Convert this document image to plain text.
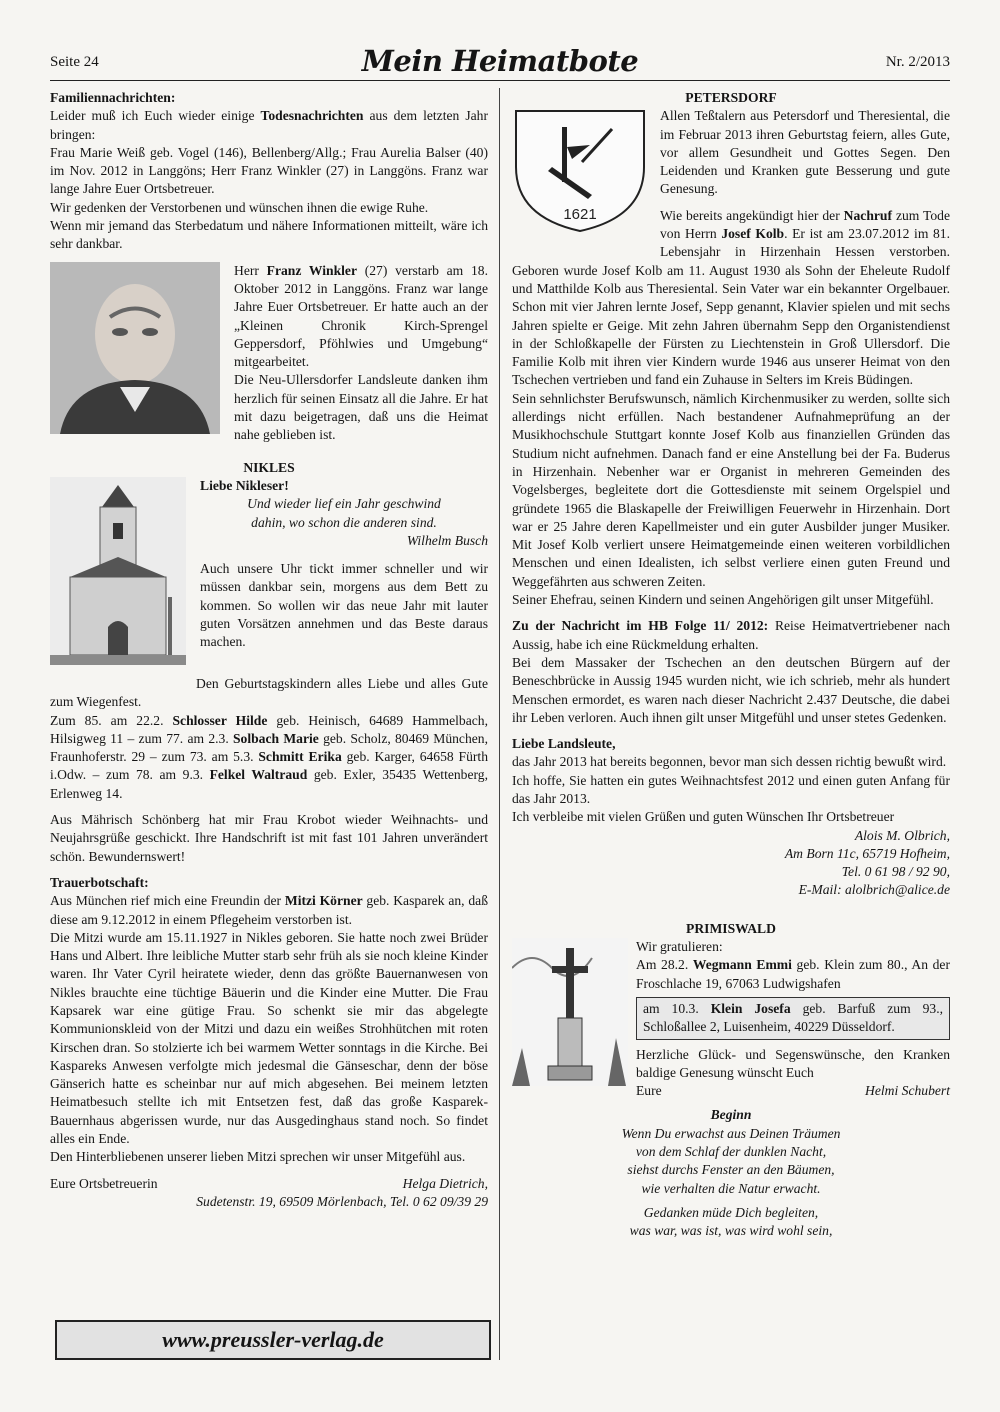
Seite 24	Mein Heimatbote	Nr. 2/2013

Familiennachrichten:

Leider muß ich Euch wieder einige Todesnachrichten aus dem letzten Jahr bringen:

Frau Marie Weiß geb. Vogel (146), Bellenberg/Allg.; Frau Aurelia Balser (40) im Nov. 2012 in Langgöns; Herr Franz Winkler (27) in Langgöns. Franz war lange Jahre Euer Ortsbetreuer.

Wir gedenken der Verstorbenen und wünschen ihnen die ewige Ruhe.

Wenn mir jemand das Sterbedatum und nähere Informationen mitteilt, wäre ich sehr dankbar.

Herr Franz Winkler (27) verstarb am 18. Oktober 2012 in Langgöns. Franz war lange Jahre Euer Ortsbetreuer. Er hatte auch an der „Kleinen Chronik Kirch-Sprengel Geppersdorf, Pföhlwies und Umgebung“ mitgearbeitet.

Die Neu-Ullersdorfer Landsleute danken ihm herzlich für seinen Einsatz all die Jahre. Er hat mit dazu beigetragen, daß uns die Heimat nahe geblieben ist.

NIKLES

Liebe Nikleser!

Und wieder lief ein Jahr geschwind

dahin, wo schon die anderen sind.

Wilhelm Busch

Auch unsere Uhr tickt immer schneller und wir müssen dankbar sein, morgens aus dem Bett zu kommen. So wollen wir das neue Jahr mit lauter guten Vorsätzen annehmen und das Beste daraus machen.

Den Geburtstagskindern alles Liebe und alles Gute zum Wiegenfest.

Zum 85. am 22.2. Schlosser Hilde geb. Heinisch, 64689 Hammelbach, Hilsigweg 11 – zum 77. am 2.3. Solbach Marie geb. Scholz, 80469 München, Fraunhoferstr. 29 – zum 73. am 5.3. Schmitt Erika geb. Karger, 64658 Fürth i.Odw. – zum 78. am 9.3. Felkel Waltraud geb. Exler, 35435 Wettenberg, Erlenweg 14.

Aus Mährisch Schönberg hat mir Frau Krobot wieder Weihnachts- und Neujahrsgrüße geschickt. Ihre Handschrift ist mit fast 101 Jahren unverändert schön. Bewundernswert!

Trauerbotschaft:

Aus München rief mich eine Freundin der Mitzi Körner geb. Kasparek an, daß diese am 9.12.2012 in einem Pflegeheim verstorben ist.

Die Mitzi wurde am 15.11.1927 in Nikles geboren. Sie hatte noch zwei Brüder Hans und Albert. Ihre leibliche Mutter starb sehr früh als sie noch kleine Kinder waren. Ihr Vater Cyril heiratete wieder, denn das größte Bauernanwesen von Nikles brauchte eine tüchtige Bäuerin und die Kinder eine Mutter. Die Frau Kapsarek war eine gütige Frau. So schenkt sie mir das abgelegte Kommunionskleid von der Mitzi und dazu ein weißes Strohhütchen mit roten Kirschen dran. So stolzierte ich bei warmem Wetter sonntags in die Kirche. Bei Kaspareks Anwesen verfolgte mich jedesmal die Gänseschar, denn der böse Gänserich hatte es scheinbar nur auf mich abgesehen. Bei meinem letzten Heimatbesuch stellte ich mit Entsetzen fest, daß das große Kasparek-Bauernhaus abgerissen wurde, nur das Ausgedinghaus stand noch. So findet alles ein Ende.

Den Hinterbliebenen unserer lieben Mitzi sprechen wir unser Mitgefühl aus.

Eure Ortsbetreuerin	Helga Dietrich,

Sudetenstr. 19, 69509 Mörlenbach, Tel. 0 62 09/39 29

www.preussler-verlag.de

PETERSDORF

1621

Allen Teßtalern aus Petersdorf und Theresiental, die im Februar 2013 ihren Geburtstag feiern, alles Gute, vor allem Gesundheit und Gottes Segen. Den Leidenden und Kranken gute Besserung und gute Genesung.

Wie bereits angekündigt hier der Nachruf zum Tode von Herrn Josef Kolb. Er ist am 23.07.2012 im 81. Lebensjahr in Hirzenhain Hessen verstorben. Geboren wurde Josef Kolb am 11. August 1930 als Sohn der Eheleute Rudolf und Matthilde Kolb aus Theresiental. Sein Vater war ein bekannter Orgelbauer. Schon mit vier Jahren lernte Josef, Sepp genannt, Klavier spielen und mit sechs Jahren spielte er Geige. Mit zehn Jahren übernahm Sepp den Organistendienst in der Schloßkapelle der Fürsten zu Liechtenstein in Groß Ullersdorf. Die Familie Kolb mit ihren vier Kindern wurde 1946 aus unserer Heimat von den Tschechen vertrieben und fand ein Zuhause in Selters im Kreis Büdingen.

Sein sehnlichster Berufswunsch, nämlich Kirchenmusiker zu werden, sollte sich allerdings nicht erfüllen. Nach bestandener Aufnahmeprüfung an der Musikhochschule Stuttgart konnte Josef Kolb aus finanziellen Gründen das Studium nicht aufnehmen. Danach fand er eine Anstellung bei der Fa. Buderus in Hirzenhain. Nebenher war er Organist in mehreren Gemeinden des Vogelsberges, begleitete dort die Gottesdienste mit seinem Orgelspiel und gründete 1965 die Blaskapelle der Freiwilligen Feuerwehr in Hirzenhain. Dort war er 25 Jahre deren Kapellmeister und ein guter Ausbilder junger Musiker. Mit Josef Kolb verliert unsere Heimatgemeinde einen weiteren vorbildlichen Menschen und einen Idealisten, ich selbst verliere einen guten Freund und Weggefährten aus schweren Zeiten.

Seiner Ehefrau, seinen Kindern und seinen Angehörigen gilt unser Mitgefühl.

Zu der Nachricht im HB Folge 11/ 2012: Reise Heimatvertriebener nach Aussig, habe ich eine Rückmeldung erhalten.

Bei dem Massaker der Tschechen an den deutschen Bürgern auf der Beneschbrücke in Aussig 1945 wurden nicht, wie ich schrieb, mehr als hundert Menschen ermordet, es waren nach dieser Nachricht 2.437 Deutsche, die dabei ihr Leben verloren. Auch ihnen gilt unser Mitgefühl und unser stetes Gedenken.

Liebe Landsleute,

das Jahr 2013 hat bereits begonnen, bevor man sich dessen richtig bewußt wird.

Ich hoffe, Sie hatten ein gutes Weihnachtsfest 2012 und einen guten Anfang für das Jahr 2013.

Ich verbleibe mit vielen Grüßen und guten Wünschen Ihr Ortsbetreuer

Alois M. Olbrich,

Am Born 11c, 65719 Hofheim,

Tel. 0 61 98 / 92 90,

E-Mail: alolbrich@alice.de

PRIMISWALD

Wir gratulieren:

Am 28.2. Wegmann Emmi geb. Klein zum 80., An der Froschlache 19, 67063 Ludwigshafen

am 10.3. Klein Josefa geb. Barfuß zum 93., Schloßallee 2, Luisenheim, 40229 Düsseldorf.

Herzliche Glück- und Segenswünsche, den Kranken baldige Genesung wünscht Euch

Eure	Helmi Schubert

Beginn

Wenn Du erwachst aus Deinen Träumen

von dem Schlaf der dunklen Nacht,

siehst durchs Fenster an den Bäumen,

wie verhalten die Natur erwacht.

Gedanken müde Dich begleiten,

was war, was ist, was wird wohl sein,
